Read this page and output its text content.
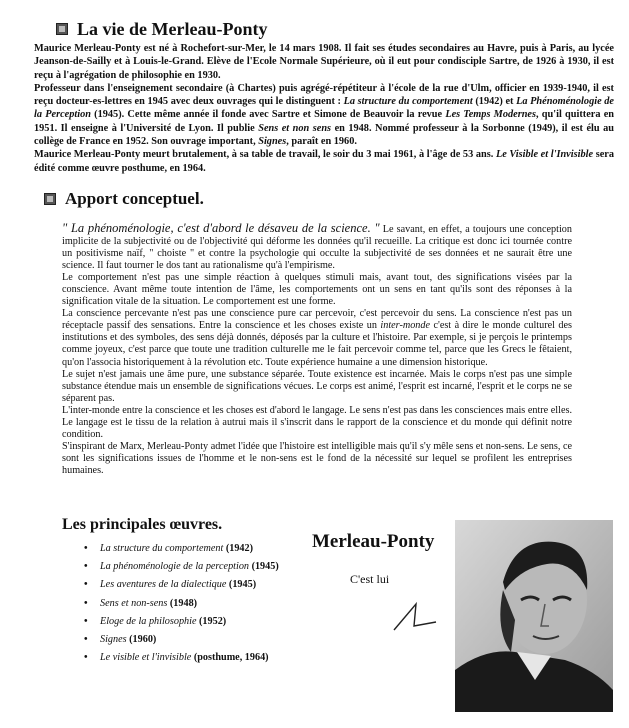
La vie de Merleau-Ponty

Maurice Merleau-Ponty est né à Rochefort-sur-Mer, le 14 mars 1908. Il fait ses études secondaires au Havre, puis à Paris, au lycée Jeanson-de-Sailly et à Louis-le-Grand. Elève de l'Ecole Normale Supérieure, où il eut pour condisciple Sartre, de 1926 à 1930, il est reçu à l'agrégation de philosophie en 1930.

Professeur dans l'enseignement secondaire (à Chartes) puis agrégé-répétiteur à l'école de la rue d'Ulm, officier en 1939-1940, il est reçu docteur-es-lettres en 1945 avec deux ouvrages qui le distinguent : La structure du comportement (1942) et La Phénoménologie de la Perception (1945). Cette même année il fonde avec Sartre et Simone de Beauvoir la revue Les Temps Modernes, qu'il quittera en 1951. Il enseigne à l'Université de Lyon. Il publie Sens et non sens en 1948. Nommé professeur à la Sorbonne (1949), il est élu au collège de France en 1952. Son ouvrage important, Signes, paraît en 1960.

Maurice Merleau-Ponty meurt brutalement, à sa table de travail, le soir du 3 mai 1961, à l'âge de 53 ans. Le Visible et l'Invisible sera édité comme œuvre posthume, en 1964.

Apport conceptuel.

" La phénoménologie, c'est d'abord le désaveu de la science. " Le savant, en effet, a toujours une conception implicite de la subjectivité ou de l'objectivité qui déforme les données qu'il recueille. La critique est donc ici tournée contre un positivisme naïf, " choiste " et contre la psychologie qui occulte la subjectivité de ses données et ne saurait être une science. Il faut tourner le dos tant au rationalisme qu'à l'empirisme.

Le comportement n'est pas une simple réaction à quelques stimuli mais, avant tout, des significations visées par la conscience. Avant même toute intention de l'âme, les comportements ont un sens en tant qu'ils sont des réponses à la signification vitale de la situation. Le comportement est une forme.

La conscience percevante n'est pas une conscience pure car percevoir, c'est percevoir du sens. La conscience n'est pas un réceptacle passif des sensations. Entre la conscience et les choses existe un inter-monde c'est à dire le monde culturel des institutions et des symboles, des sens déjà donnés, déposés par la culture et l'histoire. Par exemple, si je perçois le printemps comme joyeux, c'est parce que toute une tradition culturelle me le fait percevoir comme tel, parce que les Grecs le fêtaient, qu'on l'associa historiquement à la révolution etc. Toute expérience humaine a une dimension historique.

Le sujet n'est jamais une âme pure, une substance séparée. Toute existence est incarnée. Mais le corps n'est pas une simple substance étendue mais un ensemble de significations vécues. Le corps est animé, l'esprit est incarné, l'esprit et le corps ne se séparent pas.

L'inter-monde entre la conscience et les choses est d'abord le langage. Le sens n'est pas dans les consciences mais entre elles. Le langage est le tissu de la relation à autrui mais il s'inscrit dans le rapport de la conscience et du monde qui définit notre condition.

S'inspirant de Marx, Merleau-Ponty admet l'idée que l'histoire est intelligible mais qu'il s'y mêle sens et non-sens. Le sens, ce sont les significations issues de l'homme et le non-sens est le fond de la nécessité sur lequel se profilent les entreprises humaines.

Les principales œuvres.
• La structure du comportement (1942)
• La phénoménologie de la perception (1945)
• Les aventures de la dialectique (1945)
• Sens et non-sens (1948)
• Eloge de la philosophie (1952)
• Signes (1960)
• Le visible et l'invisible (posthume, 1964)
Merleau-Ponty
C'est lui
